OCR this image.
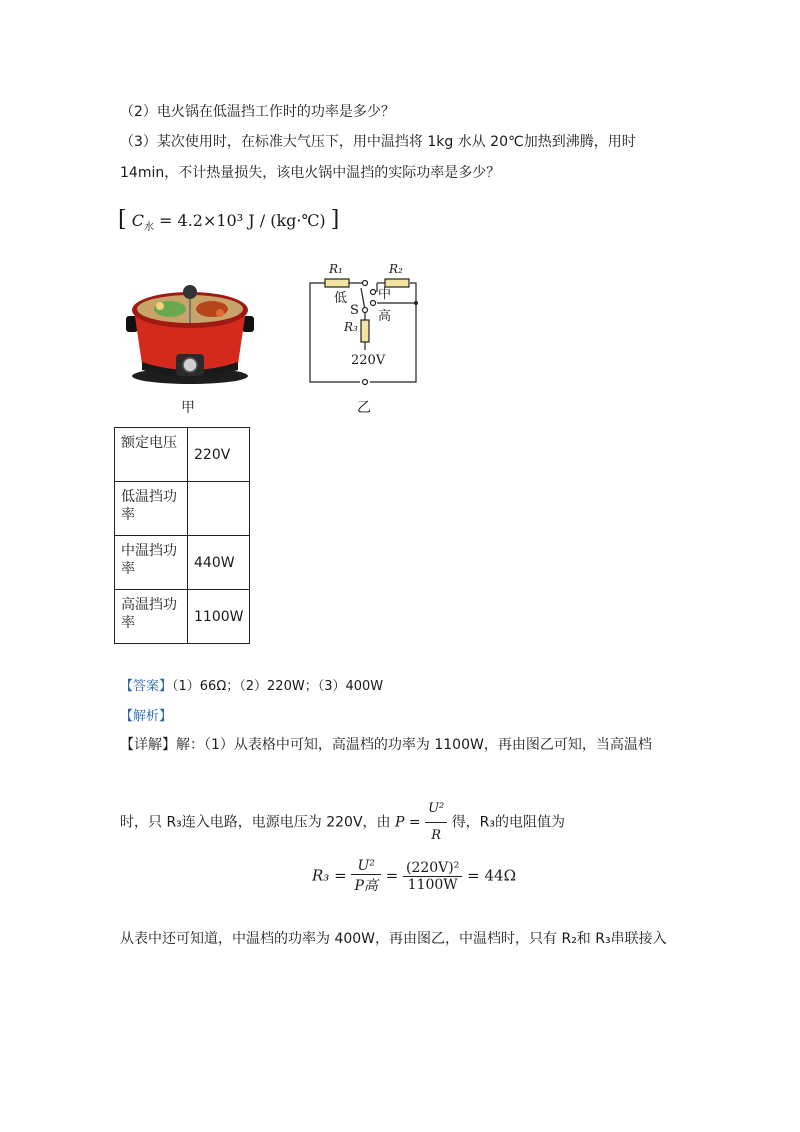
（2）电火锅在低温挡工作时的功率是多少？
（3）某次使用时，在标准大气压下，用中温挡将 1kg 水从 20℃加热到沸腾，用时
14min，不计热量损失，该电火锅中温挡的实际功率是多少？
[ $C_水 = 4.2\times 10^3$ J / (kg·℃) ]
甲
R₁	R₂
低 中
高
S
R₃
220V
乙
额定电压	220V
低温挡功率	
中温挡功率	440W
高温挡功率	1100W
【答案】（1）66Ω；（2）220W；（3）400W
【解析】
【详解】解：（1）从表格中可知，高温档的功率为 1100W，再由图乙可知，当高温档
时，只 R₃连入电路，电源电压为 220V，由 $P = \frac{\text{U²}}{R}$ 得，R₃的电阻值为
$R_3 = \frac{\text{U²}}{\text{P高}} = \frac{\text{(220V)²}}{1100W} = 44\Omega$
从表中还可知道，中温档的功率为 400W，再由图乙，中温档时，只有 R₂和 R₃串联接入
